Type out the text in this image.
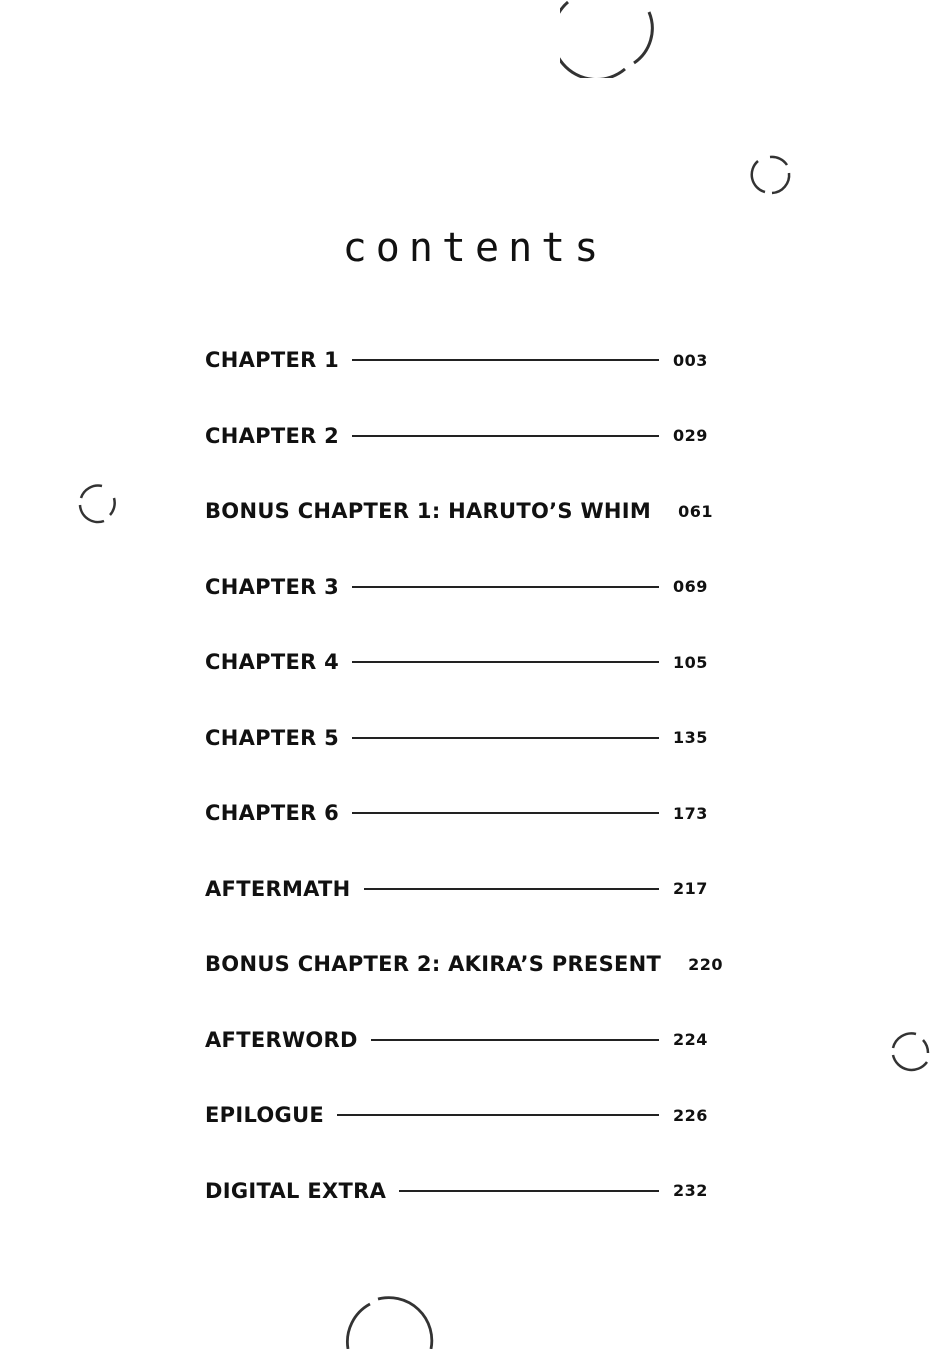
contents
CHAPTER 1	003
CHAPTER 2	029
BONUS CHAPTER 1: HARUTO’S WHIM 061
CHAPTER 3	069
CHAPTER 4	105
CHAPTER 5	135
CHAPTER 6	173
AFTERMATH	217
BONUS CHAPTER 2: AKIRA’S PRESENT 220
AFTERWORD	224
EPILOGUE	226
DIGITAL EXTRA	232
